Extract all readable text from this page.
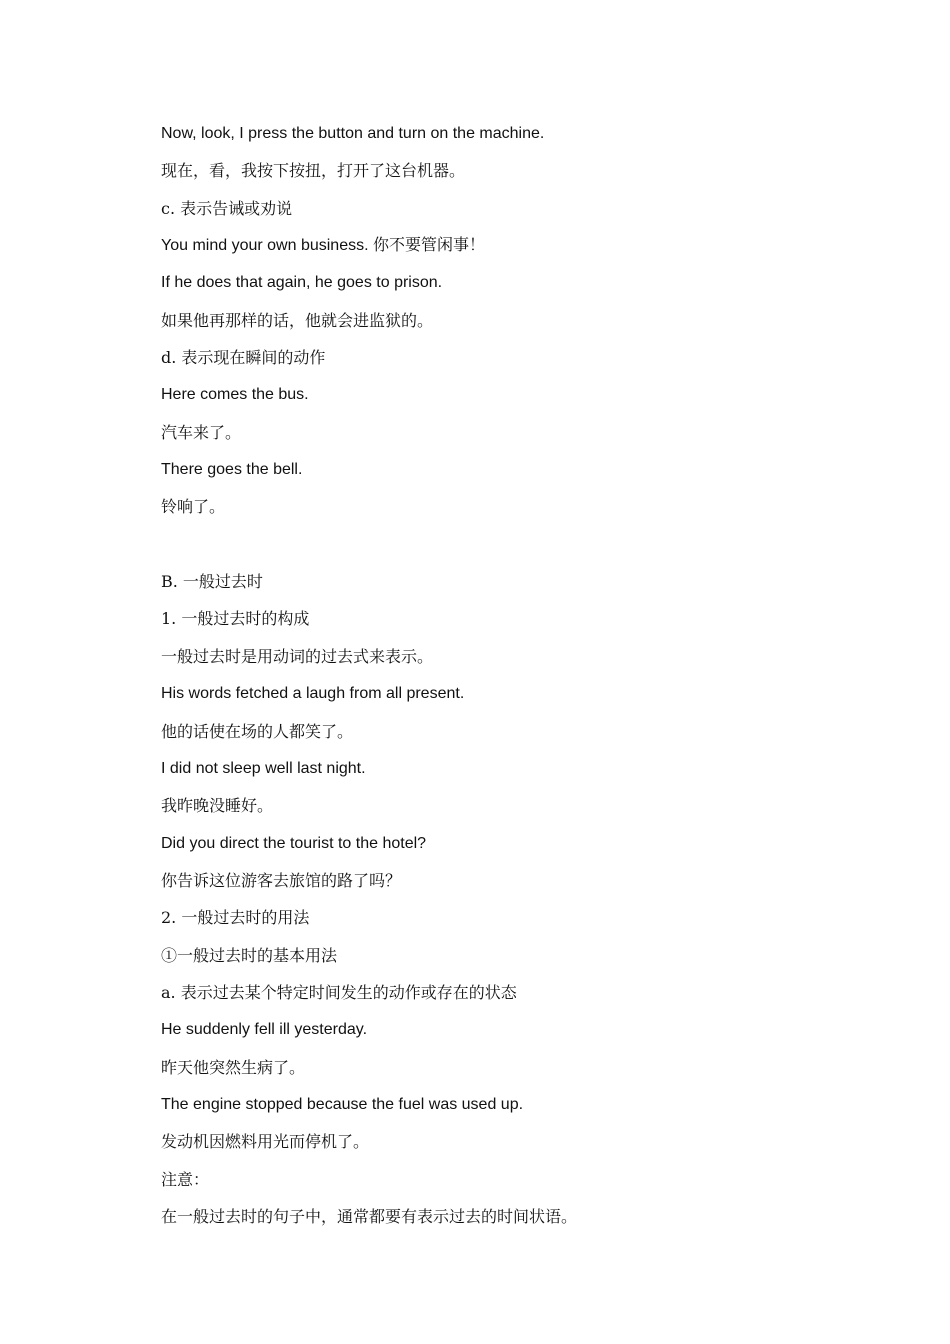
Now, look, I press the button and turn on the machine.
现在，看，我按下按扭，打开了这台机器。
c. 表示告诫或劝说
You mind your own business. 你不要管闲事！
If he does that again, he goes to prison.
如果他再那样的话，他就会进监狱的。
d. 表示现在瞬间的动作
Here comes the bus.
汽车来了。
There goes the bell.
铃响了。
B. 一般过去时
1. 一般过去时的构成
一般过去时是用动词的过去式来表示。
His words fetched a laugh from all present.
他的话使在场的人都笑了。
I did not sleep well last night.
我昨晚没睡好。
Did you direct the tourist to the hotel?
你告诉这位游客去旅馆的路了吗？
2. 一般过去时的用法
①一般过去时的基本用法
a. 表示过去某个特定时间发生的动作或存在的状态
He suddenly fell ill yesterday.
昨天他突然生病了。
The engine stopped because the fuel was used up.
发动机因燃料用光而停机了。
注意：
在一般过去时的句子中，通常都要有表示过去的时间状语。
